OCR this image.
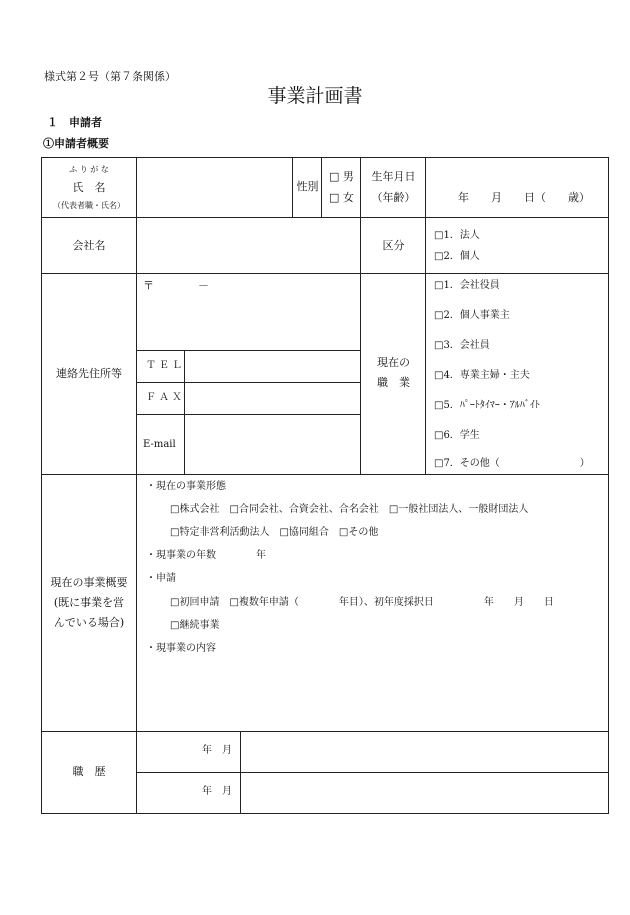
様式第２号（第７条関係）
事業計画書
１　申請者
①申請者概要
ふ り が な
氏　名
（代表者職・氏名）
性別
□ 男
□ 女
生年月日
（年齢）	年　　月　　日（　　歳）
会社名	区分
□1．法人
□2．個人
連絡先住所等
〒　　　　－
ＴＥＬ
ＦＡＸ
E-mail
現在の
職　業
□1．会社役員
□2．個人事業主
□3．会社員
□4．専業主婦・主夫
□5．ﾊﾟｰﾄﾀｲﾏｰ・ｱﾙﾊﾞｲﾄ
□6．学生
□7．その他（　　　　　　　　）
現在の事業概要
(既に事業を営
んでいる場合)
・現在の事業形態
□株式会社　□合同会社、合資会社、合名会社　□一般社団法人、一般財団法人
□特定非営利活動法人　□協同組合　□その他
・現事業の年数　　　　年
・申請
□初回申請　□複数年申請（　　　　年目）、初年度採択日　　　　　年　　月　　日
□継続事業
・現事業の内容
職　歴
年　月
年　月
